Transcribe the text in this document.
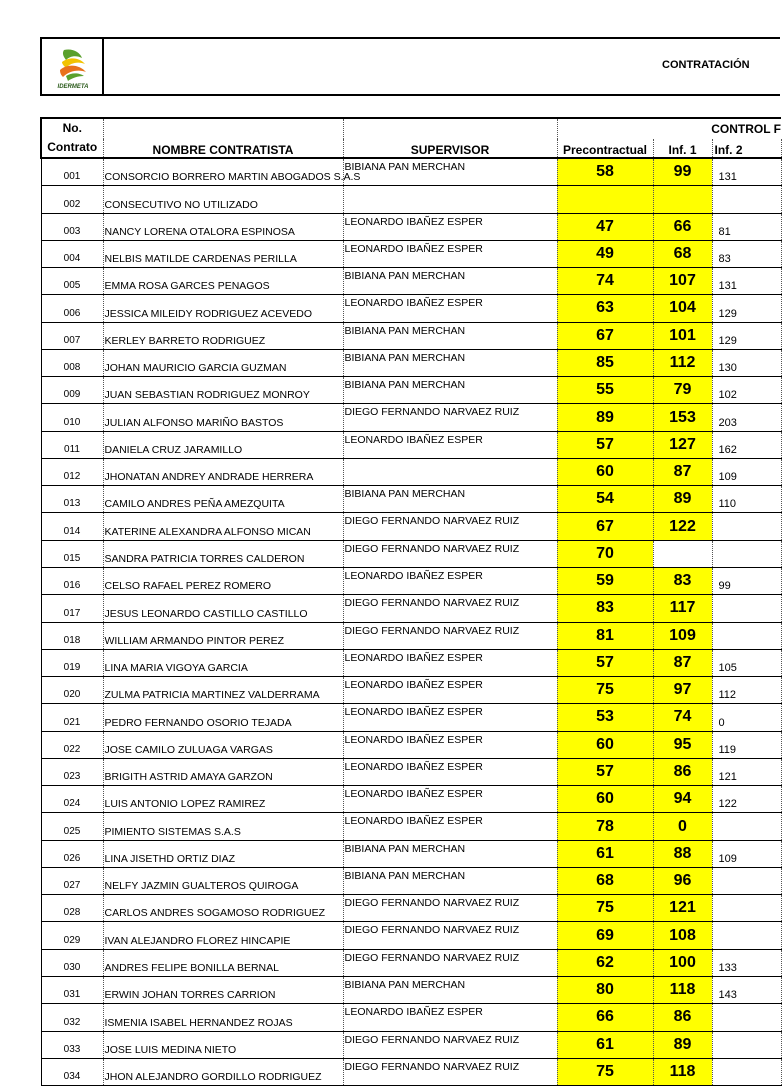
IDERMETA
CONTRATACIÓN
No.
Contrato			CONTROL F		
	NOMBRE CONTRATISTA	SUPERVISOR	Precontractual	Inf. 1	Inf. 2
001	CONSORCIO BORRERO MARTIN ABOGADOS S.A.S	BIBIANA PAN MERCHAN	58	99	131
002	CONSECUTIVO NO UTILIZADO				
003	NANCY LORENA OTALORA ESPINOSA	LEONARDO IBAÑEZ ESPER	47	66	81
004	NELBIS MATILDE CARDENAS PERILLA	LEONARDO IBAÑEZ ESPER	49	68	83
005	EMMA ROSA GARCES PENAGOS	BIBIANA PAN MERCHAN	74	107	131
006	JESSICA MILEIDY RODRIGUEZ ACEVEDO	LEONARDO IBAÑEZ ESPER	63	104	129
007	KERLEY BARRETO RODRIGUEZ	BIBIANA PAN MERCHAN	67	101	129
008	JOHAN MAURICIO GARCIA GUZMAN	BIBIANA PAN MERCHAN	85	112	130
009	JUAN SEBASTIAN RODRIGUEZ MONROY	BIBIANA PAN MERCHAN	55	79	102
010	JULIAN ALFONSO MARIÑO BASTOS	DIEGO FERNANDO NARVAEZ RUIZ	89	153	203
011	DANIELA CRUZ JARAMILLO	LEONARDO IBAÑEZ ESPER	57	127	162
012	JHONATAN ANDREY ANDRADE HERRERA		60	87	109
013	CAMILO ANDRES PEÑA AMEZQUITA	BIBIANA PAN MERCHAN	54	89	110
014	KATERINE ALEXANDRA ALFONSO MICAN	DIEGO FERNANDO NARVAEZ RUIZ	67	122	
015	SANDRA PATRICIA TORRES CALDERON	DIEGO FERNANDO NARVAEZ RUIZ	70		
016	CELSO RAFAEL PEREZ ROMERO	LEONARDO IBAÑEZ ESPER	59	83	99
017	JESUS LEONARDO CASTILLO CASTILLO	DIEGO FERNANDO NARVAEZ RUIZ	83	117	
018	WILLIAM ARMANDO PINTOR PEREZ	DIEGO FERNANDO NARVAEZ RUIZ	81	109	
019	LINA MARIA VIGOYA GARCIA	LEONARDO IBAÑEZ ESPER	57	87	105
020	ZULMA PATRICIA MARTINEZ VALDERRAMA	LEONARDO IBAÑEZ ESPER	75	97	112
021	PEDRO FERNANDO OSORIO TEJADA	LEONARDO IBAÑEZ ESPER	53	74	0
022	JOSE CAMILO ZULUAGA VARGAS	LEONARDO IBAÑEZ ESPER	60	95	119
023	BRIGITH ASTRID AMAYA GARZON	LEONARDO IBAÑEZ ESPER	57	86	121
024	LUIS ANTONIO LOPEZ RAMIREZ	LEONARDO IBAÑEZ ESPER	60	94	122
025	PIMIENTO SISTEMAS S.A.S	LEONARDO IBAÑEZ ESPER	78	0	
026	LINA JISETHD ORTIZ DIAZ	BIBIANA PAN MERCHAN	61	88	109
027	NELFY JAZMIN GUALTEROS QUIROGA	BIBIANA PAN MERCHAN	68	96	
028	CARLOS ANDRES SOGAMOSO RODRIGUEZ	DIEGO FERNANDO NARVAEZ RUIZ	75	121	
029	IVAN ALEJANDRO FLOREZ HINCAPIE	DIEGO FERNANDO NARVAEZ RUIZ	69	108	
030	ANDRES FELIPE BONILLA BERNAL	DIEGO FERNANDO NARVAEZ RUIZ	62	100	133
031	ERWIN JOHAN TORRES CARRION	BIBIANA PAN MERCHAN	80	118	143
032	ISMENIA ISABEL HERNANDEZ ROJAS	LEONARDO IBAÑEZ ESPER	66	86	
033	JOSE LUIS MEDINA NIETO	DIEGO FERNANDO NARVAEZ RUIZ	61	89	
034	JHON ALEJANDRO GORDILLO RODRIGUEZ	DIEGO FERNANDO NARVAEZ RUIZ	75	118	
